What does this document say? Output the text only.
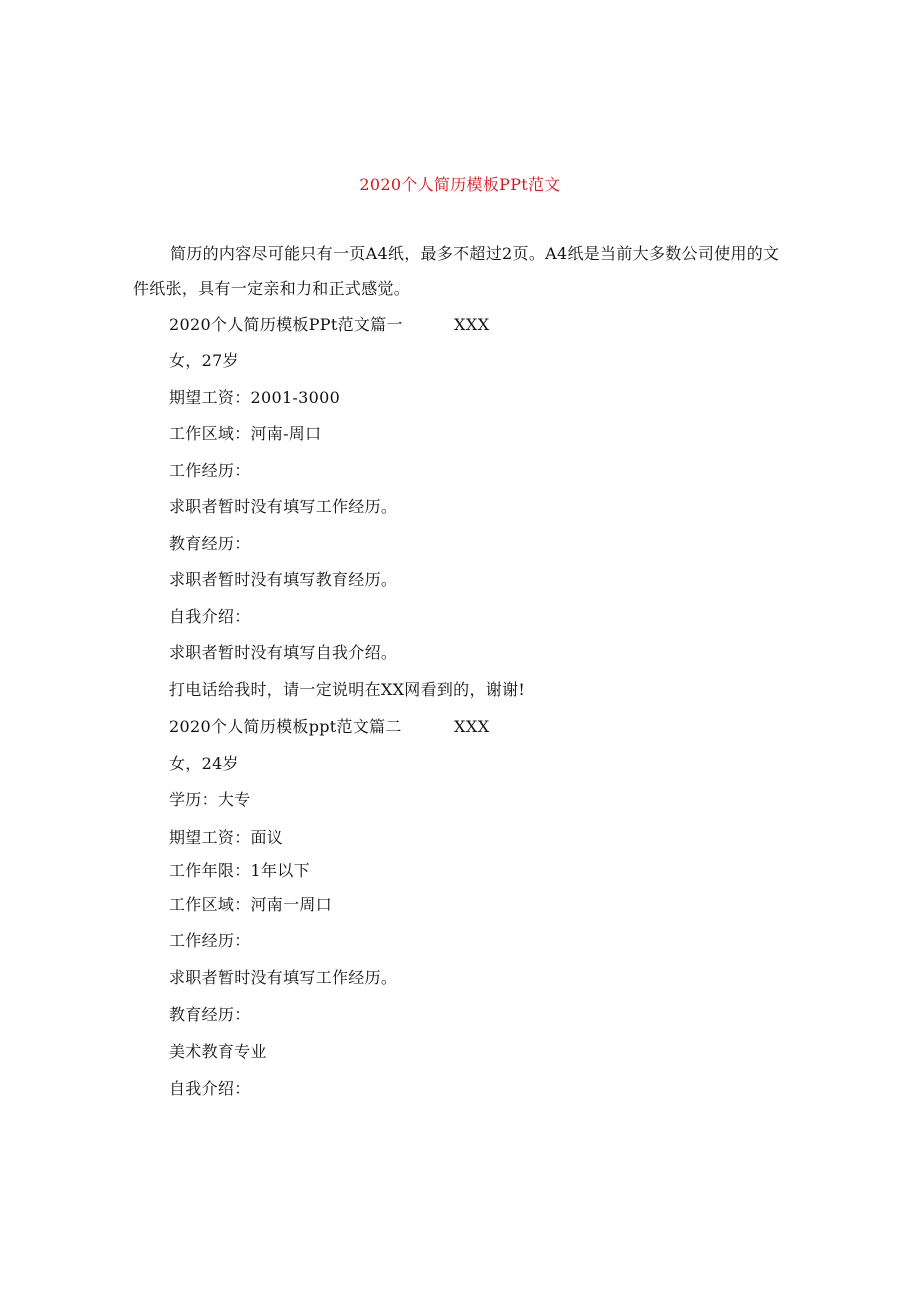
2020个人简历模板PPt范文
简历的内容尽可能只有一页A4纸，最多不超过2页。A4纸是当前大多数公司使用的文件纸张，具有一定亲和力和正式感觉。
2020个人简历模板PPt范文篇一	XXX
女，27岁
期望工资：2001-3000
工作区域：河南-周口
工作经历：
求职者暂时没有填写工作经历。
教育经历：
求职者暂时没有填写教育经历。
自我介绍：
求职者暂时没有填写自我介绍。
打电话给我时，请一定说明在XX网看到的，谢谢!
2020个人简历模板ppt范文篇二	XXX
女，24岁
学历：大专
期望工资：面议
工作年限：1年以下
工作区域：河南一周口
工作经历：
求职者暂时没有填写工作经历。
教育经历：
美术教育专业
自我介绍：
